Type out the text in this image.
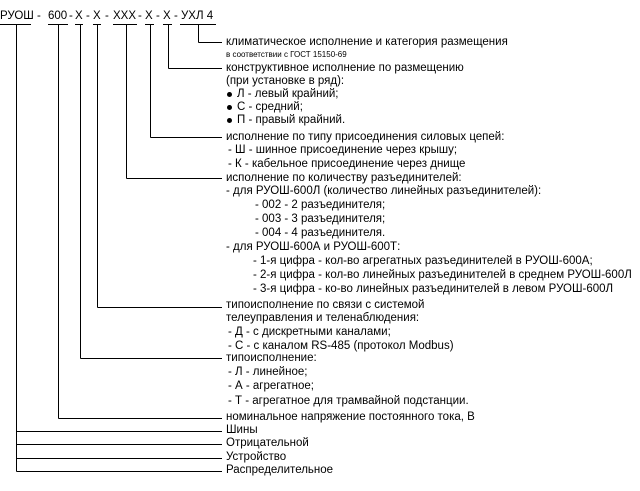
РУОШ - 600 - Х - Х - ХХХ - Х - Х - УХЛ 4
климатическое исполнение и категория размещения
в соответствии с ГОСТ 15150-69
конструктивное исполнение по размещению
(при установке в ряд):
Л - левый крайний;
С - средний;
П - правый крайний.
исполнение по типу присоединения силовых цепей:
- Ш - шинное присоединение через крышу;
- К - кабельное присоединение через днище
исполнение по количеству разъединителей:
- для РУОШ-600Л (количество линейных разъединителей):
- 002 - 2 разъединителя;
- 003 - 3 разъединителя;
- 004 - 4 разъединителя.
- для РУОШ-600А и РУОШ-600Т:
- 1-я цифра - кол-во агрегатных разъединителей в РУОШ-600А;
- 2-я цифра - кол-во линейных разъединителей в среднем РУОШ-600Л
- 3-я цифра - ко-во линейных разъединителей в левом РУОШ-600Л
типоисполнение по связи с системой
телеуправления и теленаблюдения:
- Д - с дискретными каналами;
- С - с каналом RS-485 (протокол Modbus)
типоисполнение:
- Л - линейное;
- А - агрегатное;
- Т - агрегатное для трамвайной подстанции.
номинальное напряжение постоянного тока, В
Шины
Отрицательной
Устройство
Распределительное
